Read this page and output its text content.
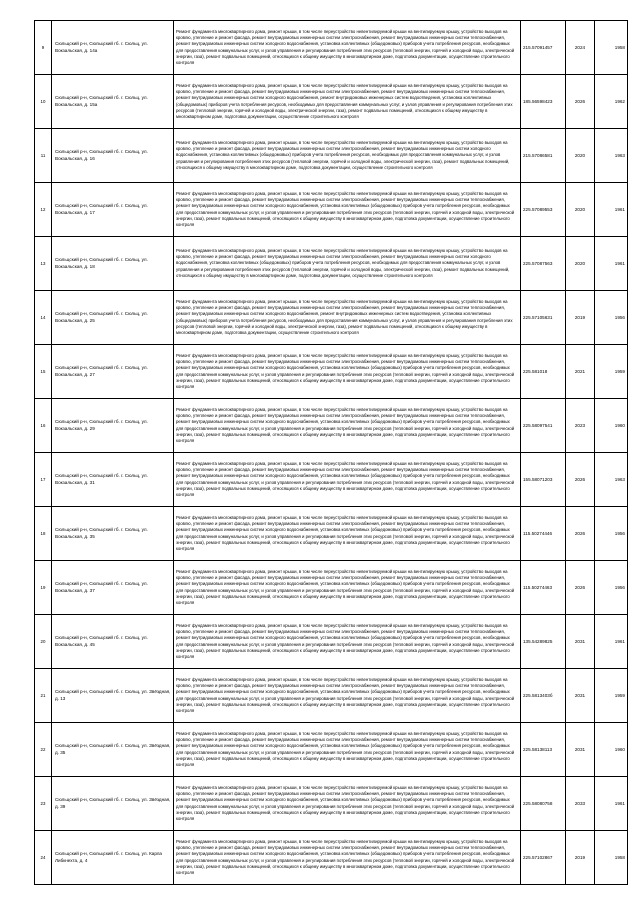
9	Сюльцский р-н, Сюльцский гб. г. Сюльц, ул. Вокзальская, д. 14а	Ремонт фундамента многоквартирного дома, ремонт крыши, в том числе переустройство невентилируемой крыши на вентилируемую крышу, устройство выходов на кровлю, утепление и ремонт фасада, ремонт внутридомовых инженерных систем электроснабжения, ремонт внутридомовых инженерных систем теплоснабжения, ремонт внутридомовых инженерных систем холодного водоснабжения, установка коллективных (общедомовых) приборов учета потребления ресурсов, необходимых для предоставления коммунальных услуг, и узлов управления и регулирования потребления этих ресурсов (тепловой энергии, горячей и холодной воды, электрической энергии, газа), ремонт подвальных помещений, относящихся к общему имуществу в многоквартирном доме, подготовка документации, осуществление строительного контроля	215.57091457	2024	1958
10	Сюльцский р-н, Сюльцский гб. г. Сюльц, ул. Вокзальская, д. 15а	Ремонт фундамента многоквартирного дома, ремонт крыши, в том числе переустройство невентилируемой крыши на вентилируемую крышу, устройство выходов на кровлю, утепление и ремонт фасада, ремонт внутридомовых инженерных систем электроснабжения, ремонт внутридомовых инженерных систем теплоснабжения, ремонт внутридомовых инженерных систем холодного водоснабжения, ремонт внутридомовых инженерных систем водоотведения, установка коллективных (общедомовых) приборов учета потребления ресурсов, необходимых для предоставления коммунальных услуг, и узлов управления и регулирования потребления этих ресурсов (тепловой энергии, горячей и холодной воды, электрической энергии, газа), ремонт подвальных помещений, относящихся к общему имуществу в многоквартирном доме, подготовка документации, осуществление строительного контроля	185.56598423	2026	1962
11	Сюльцский р-н, Сюльцский гб. г. Сюльц, ул. Вокзальская, д. 16	Ремонт фундамента многоквартирного дома, ремонт крыши, в том числе переустройство невентилируемой крыши на вентилируемую крышу, устройство выходов на кровлю, утепление и ремонт фасада, ремонт внутридомовых инженерных систем электроснабжения, ремонт внутридомовых инженерных систем холодного водоснабжения, установка коллективных (общедомовых) приборов учета потребления ресурсов, необходимых для предоставления коммунальных услуг, и узлов управления и регулирования потребления этих ресурсов (тепловой энергии, горячей и холодной воды, электрической энергии, газа), ремонт подвальных помещений, относящихся к общему имуществу в многоквартирном доме, подготовка документации, осуществление строительного контроля	215.57086581	2020	1963
12	Сюльцский р-н, Сюльцский гб. г. Сюльц, ул. Вокзальская, д. 17	Ремонт фундамента многоквартирного дома, ремонт крыши, в том числе переустройство невентилируемой крыши на вентилируемую крышу, устройство выходов на кровлю, утепление и ремонт фасада, ремонт внутридомовых инженерных систем электроснабжения, ремонт внутридомовых инженерных систем теплоснабжения, ремонт внутридомовых инженерных систем холодного водоснабжения, установка коллективных (общедомовых) приборов учета потребления ресурсов, необходимых для предоставления коммунальных услуг, и узлов управления и регулирования потребления этих ресурсов (тепловой энергии, горячей и холодной воды, электрической энергии, газа), ремонт подвальных помещений, относящихся к общему имуществу в многоквартирном доме, подготовка документации, осуществление строительного контроля	225.57089553	2020	1961
13	Сюльцский р-н, Сюльцский гб. г. Сюльц, ул. Вокзальская, д. 18	Ремонт фундамента многоквартирного дома, ремонт крыши, в том числе переустройство невентилируемой крыши на вентилируемую крышу, устройство выходов на кровлю, утепление и ремонт фасада, ремонт внутридомовых инженерных систем электроснабжения, ремонт внутридомовых инженерных систем холодного водоснабжения, установка коллективных (общедомовых) приборов учета потребления ресурсов, необходимых для предоставления коммунальных услуг, и узлов управления и регулирования потребления этих ресурсов (тепловой энергии, горячей и холодной воды, электрической энергии, газа), ремонт подвальных помещений, относящихся к общему имуществу в многоквартирном доме, подготовка документации, осуществление строительного контроля	225.57087563	2020	1961
14	Сюльцский р-н, Сюльцский гб. г. Сюльц, ул. Вокзальская, д. 25	Ремонт фундамента многоквартирного дома, ремонт крыши, в том числе переустройство невентилируемой крыши на вентилируемую крышу, устройство выходов на кровлю, утепление и ремонт фасада, ремонт внутридомовых инженерных систем электроснабжения, ремонт внутридомовых инженерных систем теплоснабжения, ремонт внутридомовых инженерных систем холодного водоснабжения, ремонт внутридомовых инженерных систем водоотведения, установка коллективных (общедомовых) приборов учета потребления ресурсов, необходимых для предоставления коммунальных услуг, и узлов управления и регулирования потребления этих ресурсов (тепловой энергии, горячей и холодной воды, электрической энергии, газа), ремонт подвальных помещений, относящихся к общему имуществу в многоквартирном доме, подготовка документации, осуществление строительного контроля	225.57105631	2019	1956
15	Сюльцский р-н, Сюльцский гб. г. Сюльц, ул. Вокзальская, д. 27	Ремонт фундамента многоквартирного дома, ремонт крыши, в том числе переустройство невентилируемой крыши на вентилируемую крышу, устройство выходов на кровлю, утепление и ремонт фасада, ремонт внутридомовых инженерных систем электроснабжения, ремонт внутридомовых инженерных систем теплоснабжения, ремонт внутридомовых инженерных систем холодного водоснабжения, установка коллективных (общедомовых) приборов учета потребления ресурсов, необходимых для предоставления коммунальных услуг, и узлов управления и регулирования потребления этих ресурсов (тепловой энергии, горячей и холодной воды, электрической энергии, газа), ремонт подвальных помещений, относящихся к общему имуществу в многоквартирном доме, подготовка документации, осуществление строительного контроля	225.581018	2021	1959
16	Сюльцский р-н, Сюльцский гб. г. Сюльц, ул. Вокзальская, д. 29	Ремонт фундамента многоквартирного дома, ремонт крыши, в том числе переустройство невентилируемой крыши на вентилируемую крышу, устройство выходов на кровлю, утепление и ремонт фасада, ремонт внутридомовых инженерных систем электроснабжения, ремонт внутридомовых инженерных систем теплоснабжения, ремонт внутридомовых инженерных систем холодного водоснабжения, установка коллективных (общедомовых) приборов учета потребления ресурсов, необходимых для предоставления коммунальных услуг, и узлов управления и регулирования потребления этих ресурсов (тепловой энергии, горячей и холодной воды, электрической энергии, газа), ремонт подвальных помещений, относящихся к общему имуществу в многоквартирном доме, подготовка документации, осуществление строительного контроля	225.58097541	2023	1960
17	Сюльцский р-н, Сюльцский гб. г. Сюльц, ул. Вокзальская, д. 31	Ремонт фундамента многоквартирного дома, ремонт крыши, в том числе переустройство невентилируемой крыши на вентилируемую крышу, устройство выходов на кровлю, утепление и ремонт фасада, ремонт внутридомовых инженерных систем электроснабжения, ремонт внутридомовых инженерных систем теплоснабжения, ремонт внутридомовых инженерных систем холодного водоснабжения, установка коллективных (общедомовых) приборов учета потребления ресурсов, необходимых для предоставления коммунальных услуг, и узлов управления и регулирования потребления этих ресурсов (тепловой энергии, горячей и холодной воды, электрической энергии, газа), ремонт подвальных помещений, относящихся к общему имуществу в многоквартирном доме, подготовка документации, осуществление строительного контроля	155.58071203	2026	1963
18	Сюльцский р-н, Сюльцский гб. г. Сюльц, ул. Вокзальская, д. 35	Ремонт фундамента многоквартирного дома, ремонт крыши, в том числе переустройство невентилируемой крыши на вентилируемую крышу, устройство выходов на кровлю, утепление и ремонт фасада, ремонт внутридомовых инженерных систем электроснабжения, ремонт внутридомовых инженерных систем теплоснабжения, ремонт внутридомовых инженерных систем холодного водоснабжения, установка коллективных (общедомовых) приборов учета потребления ресурсов, необходимых для предоставления коммунальных услуг, и узлов управления и регулирования потребления этих ресурсов (тепловой энергии, горячей и холодной воды, электрической энергии, газа), ремонт подвальных помещений, относящихся к общему имуществу в многоквартирном доме, подготовка документации, осуществление строительного контроля	115.50274446	2026	1956
19	Сюльцский р-н, Сюльцский гб. г. Сюльц, ул. Вокзальская, д. 37	Ремонт фундамента многоквартирного дома, ремонт крыши, в том числе переустройство невентилируемой крыши на вентилируемую крышу, устройство выходов на кровлю, утепление и ремонт фасада, ремонт внутридомовых инженерных систем электроснабжения, ремонт внутридомовых инженерных систем теплоснабжения, ремонт внутридомовых инженерных систем холодного водоснабжения, установка коллективных (общедомовых) приборов учета потребления ресурсов, необходимых для предоставления коммунальных услуг, и узлов управления и регулирования потребления этих ресурсов (тепловой энергии, горячей и холодной воды, электрической энергии, газа), ремонт подвальных помещений, относящихся к общему имуществу в многоквартирном доме, подготовка документации, осуществление строительного контроля	115.50274463	2026	1956
20	Сюльцский р-н, Сюльцский гб. г. Сюльц, ул. Вокзальская, д. 45	Ремонт фундамента многоквартирного дома, ремонт крыши, в том числе переустройство невентилируемой крыши на вентилируемую крышу, устройство выходов на кровлю, утепление и ремонт фасада, ремонт внутридомовых инженерных систем электроснабжения, ремонт внутридомовых инженерных систем теплоснабжения, ремонт внутридомовых инженерных систем холодного водоснабжения, установка коллективных (общедомовых) приборов учета потребления ресурсов, необходимых для предоставления коммунальных услуг, и узлов управления и регулирования потребления этих ресурсов (тепловой энергии, горячей и холодной воды, электрической энергии, газа), ремонт подвальных помещений, относящихся к общему имуществу в многоквартирном доме, подготовка документации, осуществление строительного контроля	135.54289825	2031	1961
21	Сюльцский р-н, Сюльцский гб. г. Сюльц, ул. Звёздная, д. 13	Ремонт фундамента многоквартирного дома, ремонт крыши, в том числе переустройство невентилируемой крыши на вентилируемую крышу, устройство выходов на кровлю, утепление и ремонт фасада, ремонт внутридомовых инженерных систем электроснабжения, ремонт внутридомовых инженерных систем теплоснабжения, ремонт внутридомовых инженерных систем холодного водоснабжения, установка коллективных (общедомовых) приборов учета потребления ресурсов, необходимых для предоставления коммунальных услуг, и узлов управления и регулирования потребления этих ресурсов (тепловой энергии, горячей и холодной воды, электрической энергии, газа), ремонт подвальных помещений, относящихся к общему имуществу в многоквартирном доме, подготовка документации, осуществление строительного контроля	225.5813403б	2031	1959
22	Сюльцский р-н, Сюльцский гб. г. Сюльц, ул. Звёздная, д. 35	Ремонт фундамента многоквартирного дома, ремонт крыши, в том числе переустройство невентилируемой крыши на вентилируемую крышу, устройство выходов на кровлю, утепление и ремонт фасада, ремонт внутридомовых инженерных систем электроснабжения, ремонт внутридомовых инженерных систем теплоснабжения, ремонт внутридомовых инженерных систем холодного водоснабжения, установка коллективных (общедомовых) приборов учета потребления ресурсов, необходимых для предоставления коммунальных услуг, и узлов управления и регулирования потребления этих ресурсов (тепловой энергии, горячей и холодной воды, электрической энергии, газа), ремонт подвальных помещений, относящихся к общему имуществу в многоквартирном доме, подготовка документации, осуществление строительного контроля	225.58138113	2031	1960
23	Сюльцский р-н, Сюльцский гб. г. Сюльц, ул. Звёздная, д. 39	Ремонт фундамента многоквартирного дома, ремонт крыши, в том числе переустройство невентилируемой крыши на вентилируемую крышу, устройство выходов на кровлю, утепление и ремонт фасада, ремонт внутридомовых инженерных систем электроснабжения, ремонт внутридомовых инженерных систем теплоснабжения, ремонт внутридомовых инженерных систем холодного водоснабжения, установка коллективных (общедомовых) приборов учета потребления ресурсов, необходимых для предоставления коммунальных услуг, и узлов управления и регулирования потребления этих ресурсов (тепловой энергии, горячей и холодной воды, электрической энергии, газа), ремонт подвальных помещений, относящихся к общему имуществу в многоквартирном доме, подготовка документации, осуществление строительного контроля	225.58080758	2033	1961
24	Сюльцский р-н, Сюльцский гб. г. Сюльц, ул. Карла Либкнехта, д. 4	Ремонт фундамента многоквартирного дома, ремонт крыши, в том числе переустройство невентилируемой крыши на вентилируемую крышу, устройство выходов на кровлю, утепление и ремонт фасада, ремонт внутридомовых инженерных систем электроснабжения, ремонт внутридомовых инженерных систем теплоснабжения, ремонт внутридомовых инженерных систем холодного водоснабжения, установка коллективных (общедомовых) приборов учета потребления ресурсов, необходимых для предоставления коммунальных услуг, и узлов управления и регулирования потребления этих ресурсов (тепловой энергии, горячей и холодной воды, электрической энергии, газа), ремонт подвальных помещений, относящихся к общему имуществу в многоквартирном доме, подготовка документации, осуществление строительного контроля	225.57102867	2019	1958
